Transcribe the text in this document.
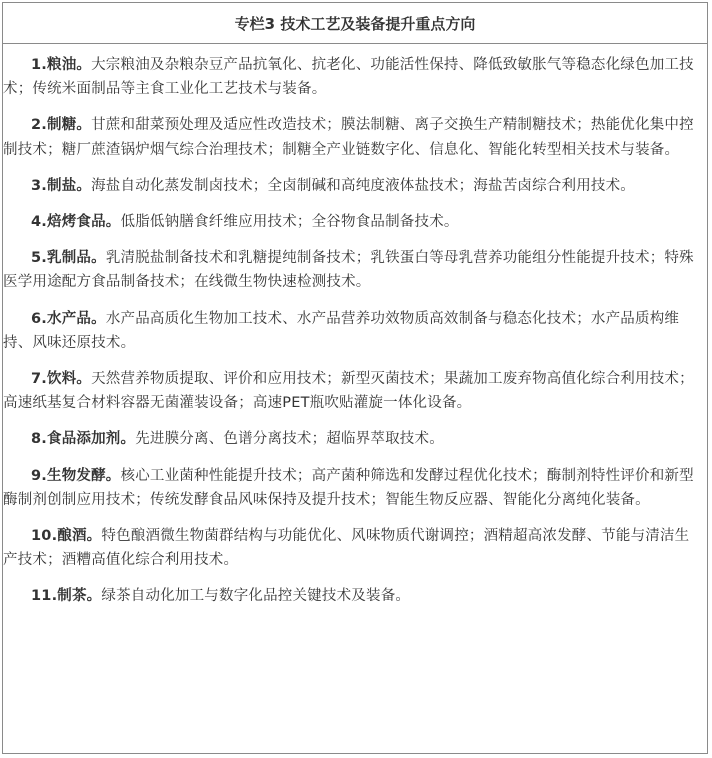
专栏3 技术工艺及装备提升重点方向

1.粮油。大宗粮油及杂粮杂豆产品抗氧化、抗老化、功能活性保持、降低致敏胀气等稳态化绿色加工技术；传统米面制品等主食工业化工艺技术与装备。

2.制糖。甘蔗和甜菜预处理及适应性改造技术；膜法制糖、离子交换生产精制糖技术；热能优化集中控制技术；糖厂蔗渣锅炉烟气综合治理技术；制糖全产业链数字化、信息化、智能化转型相关技术与装备。

3.制盐。海盐自动化蒸发制卤技术；全卤制碱和高纯度液体盐技术；海盐苦卤综合利用技术。

4.焙烤食品。低脂低钠膳食纤维应用技术；全谷物食品制备技术。

5.乳制品。乳清脱盐制备技术和乳糖提纯制备技术；乳铁蛋白等母乳营养功能组分性能提升技术；特殊医学用途配方食品制备技术；在线微生物快速检测技术。

6.水产品。水产品高质化生物加工技术、水产品营养功效物质高效制备与稳态化技术；水产品质构维持、风味还原技术。

7.饮料。天然营养物质提取、评价和应用技术；新型灭菌技术；果蔬加工废弃物高值化综合利用技术；高速纸基复合材料容器无菌灌装设备；高速PET瓶吹贴灌旋一体化设备。

8.食品添加剂。先进膜分离、色谱分离技术；超临界萃取技术。

9.生物发酵。核心工业菌种性能提升技术；高产菌种筛选和发酵过程优化技术；酶制剂特性评价和新型酶制剂创制应用技术；传统发酵食品风味保持及提升技术；智能生物反应器、智能化分离纯化装备。

10.酿酒。特色酿酒微生物菌群结构与功能优化、风味物质代谢调控；酒精超高浓发酵、节能与清洁生产技术；酒糟高值化综合利用技术。

11.制茶。绿茶自动化加工与数字化品控关键技术及装备。
